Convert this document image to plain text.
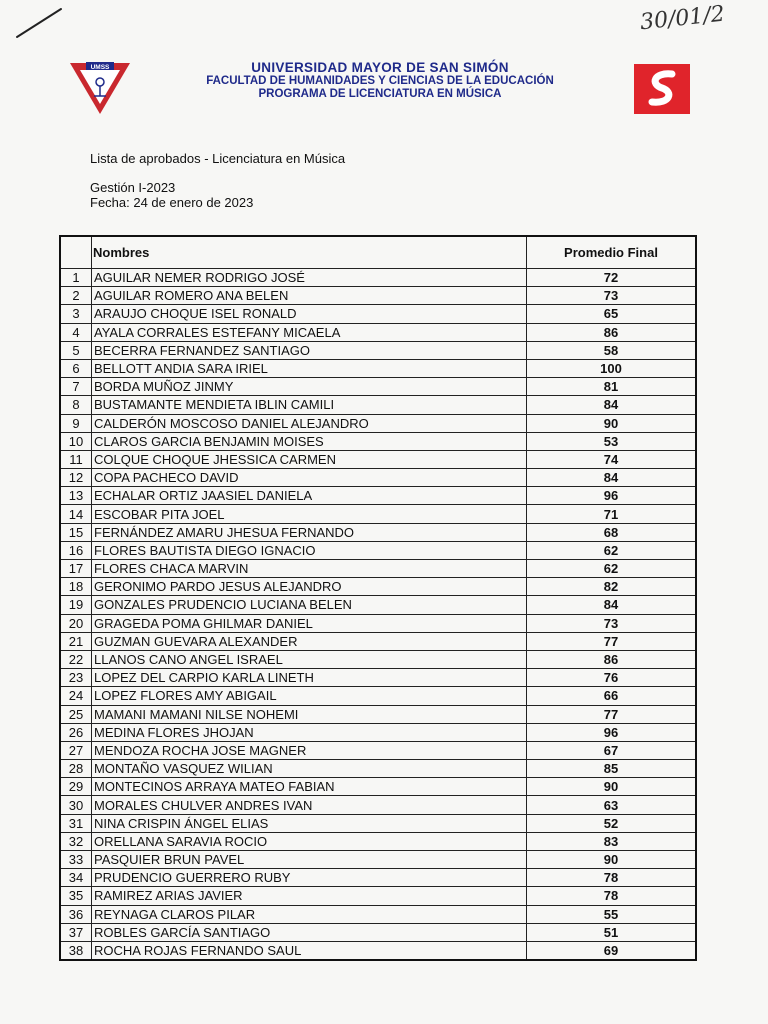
30/01/2
UMSS	UNIVERSIDAD MAYOR DE SAN SIMÓN
FACULTAD DE HUMANIDADES Y CIENCIAS DE LA EDUCACIÓN
PROGRAMA DE LICENCIATURA EN MÚSICA
Lista de aprobados - Licenciatura en Música
Gestión I-2023
Fecha: 24 de enero de 2023
	Nombres	Promedio Final
1	AGUILAR NEMER RODRIGO JOSÉ	72
2	AGUILAR ROMERO ANA BELEN	73
3	ARAUJO CHOQUE ISEL RONALD	65
4	AYALA CORRALES ESTEFANY MICAELA	86
5	BECERRA FERNANDEZ SANTIAGO	58
6	BELLOTT ANDIA SARA IRIEL	100
7	BORDA MUÑOZ JINMY	81
8	BUSTAMANTE MENDIETA IBLIN CAMILI	84
9	CALDERÓN MOSCOSO DANIEL ALEJANDRO	90
10	CLAROS GARCIA BENJAMIN MOISES	53
11	COLQUE CHOQUE JHESSICA CARMEN	74
12	COPA PACHECO DAVID	84
13	ECHALAR ORTIZ JAASIEL DANIELA	96
14	ESCOBAR PITA JOEL	71
15	FERNÁNDEZ AMARU JHESUA FERNANDO	68
16	FLORES BAUTISTA DIEGO IGNACIO	62
17	FLORES CHACA MARVIN	62
18	GERONIMO PARDO JESUS ALEJANDRO	82
19	GONZALES PRUDENCIO LUCIANA BELEN	84
20	GRAGEDA POMA GHILMAR DANIEL	73
21	GUZMAN GUEVARA ALEXANDER	77
22	LLANOS CANO ANGEL ISRAEL	86
23	LOPEZ DEL CARPIO KARLA LINETH	76
24	LOPEZ FLORES AMY ABIGAIL	66
25	MAMANI MAMANI NILSE NOHEMI	77
26	MEDINA FLORES JHOJAN	96
27	MENDOZA ROCHA JOSE MAGNER	67
28	MONTAÑO VASQUEZ WILIAN	85
29	MONTECINOS ARRAYA MATEO FABIAN	90
30	MORALES CHULVER ANDRES IVAN	63
31	NINA CRISPIN ÁNGEL ELIAS	52
32	ORELLANA SARAVIA ROCIO	83
33	PASQUIER BRUN PAVEL	90
34	PRUDENCIO GUERRERO RUBY	78
35	RAMIREZ ARIAS JAVIER	78
36	REYNAGA CLAROS PILAR	55
37	ROBLES GARCÍA SANTIAGO	51
38	ROCHA ROJAS FERNANDO SAUL	69
